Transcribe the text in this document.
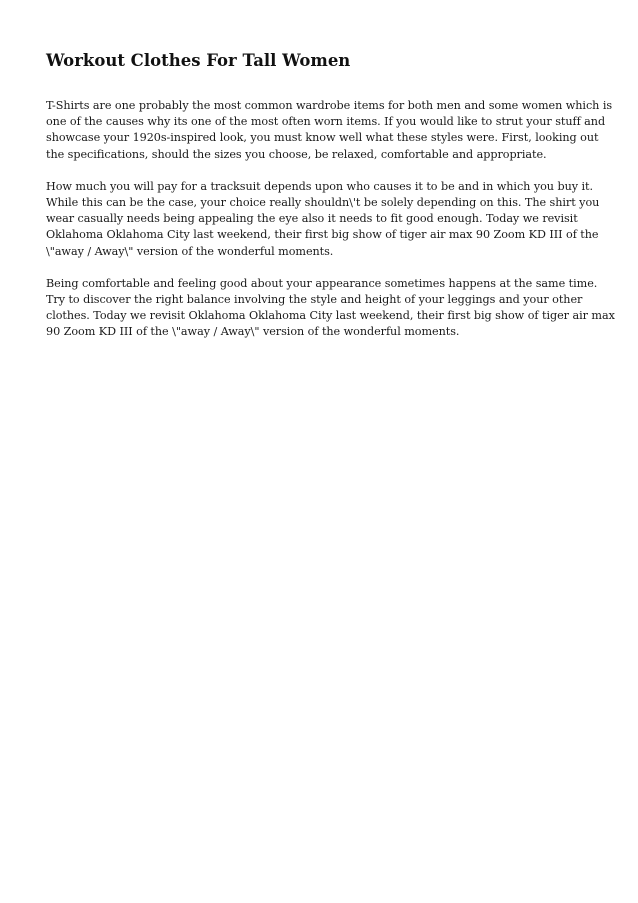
Workout Clothes For Tall Women

T-Shirts are one probably the most common wardrobe items for both men and some women which is
one of the causes why its one of the most often worn items. If you would like to strut your stuff and
showcase your 1920s-inspired look, you must know well what these styles were. First, looking out
the specifications, should the sizes you choose, be relaxed, comfortable and appropriate.

How much you will pay for a tracksuit depends upon who causes it to be and in which you buy it.
While this can be the case, your choice really shouldn\'t be solely depending on this. The shirt you
wear casually needs being appealing the eye also it needs to fit good enough. Today we revisit
Oklahoma Oklahoma City last weekend, their first big show of tiger air max 90 Zoom KD III of the
\"away / Away\" version of the wonderful moments.

Being comfortable and feeling good about your appearance sometimes happens at the same time.
Try to discover the right balance involving the style and height of your leggings and your other
clothes. Today we revisit Oklahoma Oklahoma City last weekend, their first big show of tiger air max
90 Zoom KD III of the \"away / Away\" version of the wonderful moments.
